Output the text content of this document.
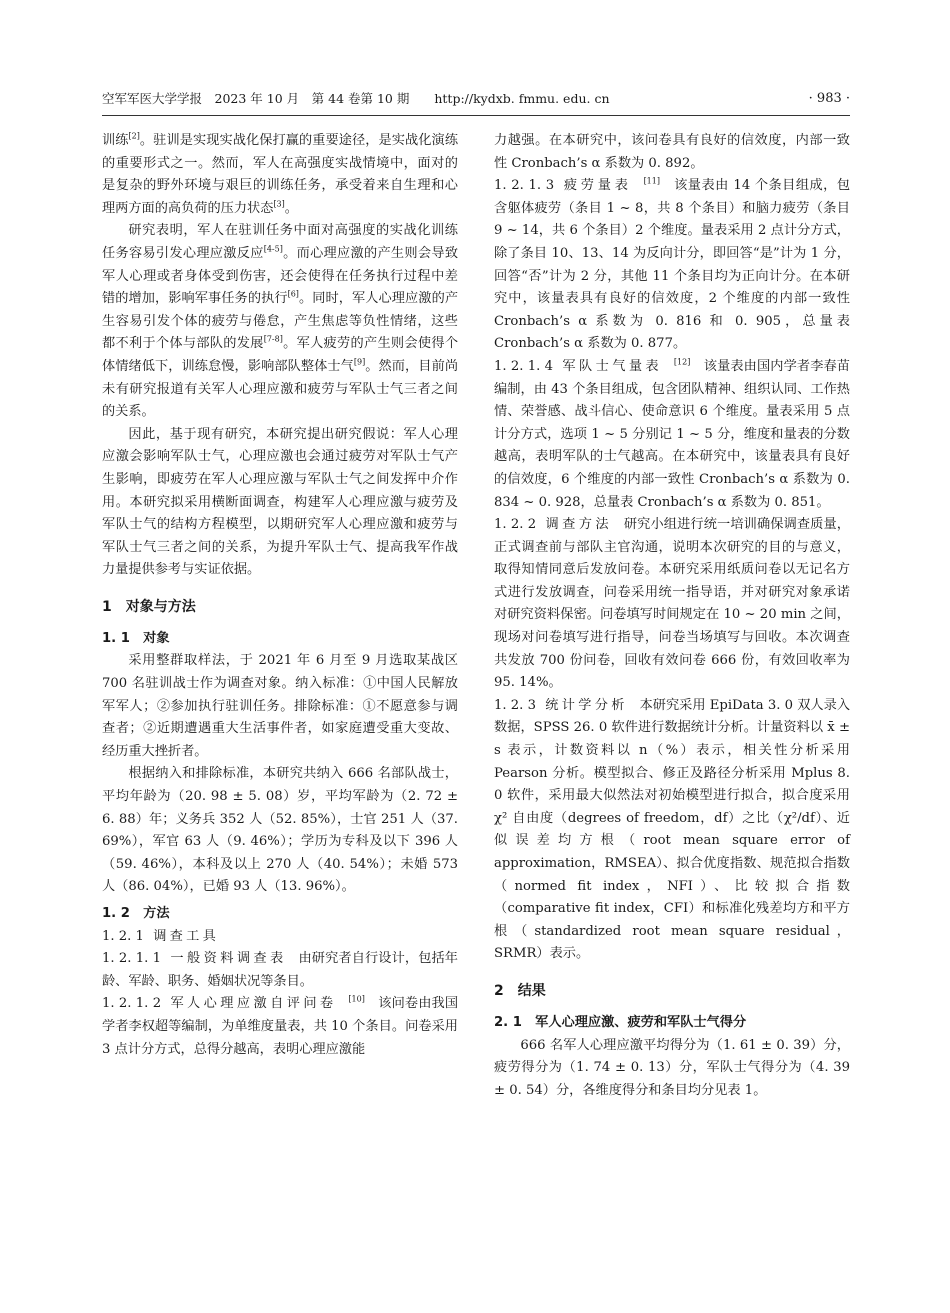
空军军医大学学报　2023 年 10 月　第 44 卷第 10 期　　http://kydxb. fmmu. edu. cn	· 983 ·

训练[2]。驻训是实现实战化保打赢的重要途径，是实战化演练的重要形式之一。然而，军人在高强度实战情境中，面对的是复杂的野外环境与艰巨的训练任务，承受着来自生理和心理两方面的高负荷的压力状态[3]。

研究表明，军人在驻训任务中面对高强度的实战化训练任务容易引发心理应激反应[4-5]。而心理应激的产生则会导致军人心理或者身体受到伤害，还会使得在任务执行过程中差错的增加，影响军事任务的执行[6]。同时，军人心理应激的产生容易引发个体的疲劳与倦怠，产生焦虑等负性情绪，这些都不利于个体与部队的发展[7-8]。军人疲劳的产生则会使得个体情绪低下，训练怠慢，影响部队整体士气[9]。然而，目前尚未有研究报道有关军人心理应激和疲劳与军队士气三者之间的关系。

因此，基于现有研究，本研究提出研究假说：军人心理应激会影响军队士气，心理应激也会通过疲劳对军队士气产生影响，即疲劳在军人心理应激与军队士气之间发挥中介作用。本研究拟采用横断面调查，构建军人心理应激与疲劳及军队士气的结构方程模型，以期研究军人心理应激和疲劳与军队士气三者之间的关系，为提升军队士气、提高我军作战力量提供参考与实证依据。

1　对象与方法
1. 1　对象

采用整群取样法，于 2021 年 6 月至 9 月选取某战区 700 名驻训战士作为调查对象。纳入标准：①中国人民解放军军人；②参加执行驻训任务。排除标准：①不愿意参与调查者；②近期遭遇重大生活事件者，如家庭遭受重大变故、经历重大挫折者。

根据纳入和排除标准，本研究共纳入 666 名部队战士，平均年龄为（20. 98 ± 5. 08）岁，平均军龄为（2. 72 ± 6. 88）年；义务兵 352 人（52. 85%），士官 251 人（37. 69%），军官 63 人（9. 46%）；学历为专科及以下 396 人（59. 46%），本科及以上 270 人（40. 54%）；未婚 573 人（86. 04%），已婚 93 人（13. 96%）。

1. 2　方法

1. 2. 1 调查工具

1. 2. 1. 1 一般资料调查表 由研究者自行设计，包括年龄、军龄、职务、婚姻状况等条目。

1. 2. 1. 2 军人心理应激自评问卷 [10]　 该问卷由我国学者李权超等编制，为单维度量表，共 10 个条目。问卷采用 3 点计分方式，总得分越高，表明心理应激能

力越强。在本研究中，该问卷具有良好的信效度，内部一致性 Cronbach’s α 系数为 0. 892。

1. 2. 1. 3 疲劳量表 [11]　 该量表由 14 个条目组成，包含躯体疲劳（条目 1 ~ 8，共 8 个条目）和脑力疲劳（条目 9 ~ 14，共 6 个条目）2 个维度。量表采用 2 点计分方式，除了条目 10、13、14 为反向计分，即回答“是”计为 1 分，回答“否”计为 2 分，其他 11 个条目均为正向计分。在本研究中，该量表具有良好的信效度，2 个维度的内部一致性 Cronbach’s α 系数为 0. 816 和 0. 905，总量表 Cronbach’s α 系数为 0. 877。

1. 2. 1. 4 军队士气量表 [12]　 该量表由国内学者李春苗编制，由 43 个条目组成，包含团队精神、组织认同、工作热情、荣誉感、战斗信心、使命意识 6 个维度。量表采用 5 点计分方式，选项 1 ~ 5 分别记 1 ~ 5 分，维度和量表的分数越高，表明军队的士气越高。在本研究中，该量表具有良好的信效度，6 个维度的内部一致性 Cronbach’s α 系数为 0. 834 ~ 0. 928，总量表 Cronbach’s α 系数为 0. 851。

1. 2. 2 调查方法 研究小组进行统一培训确保调查质量，正式调查前与部队主官沟通，说明本次研究的目的与意义，取得知情同意后发放问卷。本研究采用纸质问卷以无记名方式进行发放调查，问卷采用统一指导语，并对研究对象承诺对研究资料保密。问卷填写时间规定在 10 ~ 20 min 之间，现场对问卷填写进行指导，问卷当场填写与回收。本次调查共发放 700 份问卷，回收有效问卷 666 份，有效回收率为 95. 14%。

1. 2. 3 统计学分析 本研究采用 EpiData 3. 0 双人录入数据，SPSS 26. 0 软件进行数据统计分析。计量资料以 x̄ ± s 表示，计数资料以 n（%）表示，相关性分析采用 Pearson 分析。模型拟合、修正及路径分析采用 Mplus 8. 0 软件，采用最大似然法对初始模型进行拟合，拟合度采用 χ² 自由度（degrees of freedom，df）之比（χ²/df）、近似误差均方根（root mean square error of approximation，RMSEA）、拟合优度指数、规范拟合指数（normed fit index，NFI）、比较拟合指数（comparative fit index，CFI）和标准化残差均方和平方根（standardized root mean square residual，SRMR）表示。

2　结果
2. 1　军人心理应激、疲劳和军队士气得分

666 名军人心理应激平均得分为（1. 61 ± 0. 39）分，疲劳得分为（1. 74 ± 0. 13）分，军队士气得分为（4. 39 ± 0. 54）分，各维度得分和条目均分见表 1。
